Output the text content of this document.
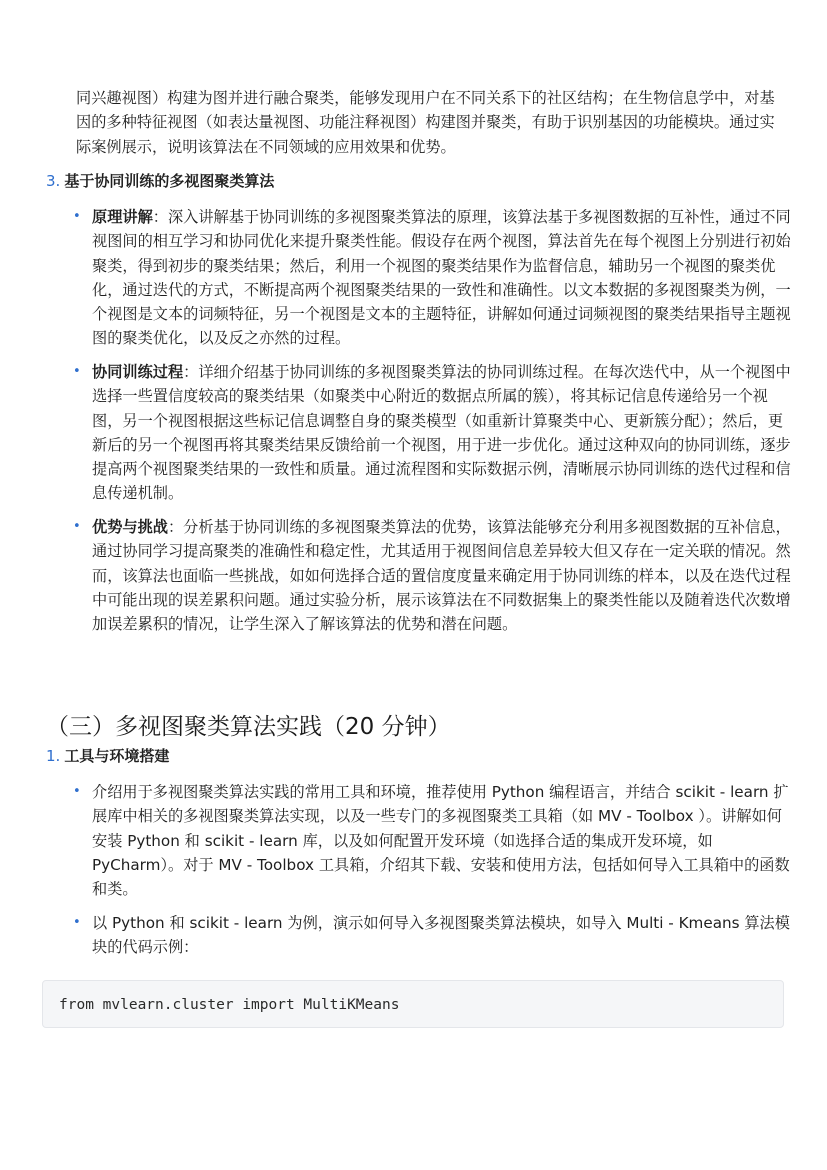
同兴趣视图）构建为图并进行融合聚类，能够发现用户在不同关系下的社区结构；在生物信息学中，对基因的多种特征视图（如表达量视图、功能注释视图）构建图并聚类，有助于识别基因的功能模块。通过实际案例展示，说明该算法在不同领域的应用效果和优势。

3. 基于协同训练的多视图聚类算法
• 原理讲解：深入讲解基于协同训练的多视图聚类算法的原理，该算法基于多视图数据的互补性，通过不同视图间的相互学习和协同优化来提升聚类性能。假设存在两个视图，算法首先在每个视图上分别进行初始聚类，得到初步的聚类结果；然后，利用一个视图的聚类结果作为监督信息，辅助另一个视图的聚类优化，通过迭代的方式，不断提高两个视图聚类结果的一致性和准确性。以文本数据的多视图聚类为例，一个视图是文本的词频特征，另一个视图是文本的主题特征，讲解如何通过词频视图的聚类结果指导主题视图的聚类优化，以及反之亦然的过程。
• 协同训练过程：详细介绍基于协同训练的多视图聚类算法的协同训练过程。在每次迭代中，从一个视图中选择一些置信度较高的聚类结果（如聚类中心附近的数据点所属的簇），将其标记信息传递给另一个视图，另一个视图根据这些标记信息调整自身的聚类模型（如重新计算聚类中心、更新簇分配）；然后，更新后的另一个视图再将其聚类结果反馈给前一个视图，用于进一步优化。通过这种双向的协同训练，逐步提高两个视图聚类结果的一致性和质量。通过流程图和实际数据示例，清晰展示协同训练的迭代过程和信息传递机制。
• 优势与挑战：分析基于协同训练的多视图聚类算法的优势，该算法能够充分利用多视图数据的互补信息，通过协同学习提高聚类的准确性和稳定性，尤其适用于视图间信息差异较大但又存在一定关联的情况。然而，该算法也面临一些挑战，如如何选择合适的置信度度量来确定用于协同训练的样本，以及在迭代过程中可能出现的误差累积问题。通过实验分析，展示该算法在不同数据集上的聚类性能以及随着迭代次数增加误差累积的情况，让学生深入了解该算法的优势和潜在问题。
（三）多视图聚类算法实践（20 分钟）
1. 工具与环境搭建
• 介绍用于多视图聚类算法实践的常用工具和环境，推荐使用 Python 编程语言，并结合 scikit - learn 扩展库中相关的多视图聚类算法实现，以及一些专门的多视图聚类工具箱（如 MV - Toolbox ）。讲解如何安装 Python 和 scikit - learn 库，以及如何配置开发环境（如选择合适的集成开发环境，如 PyCharm）。对于 MV - Toolbox 工具箱，介绍其下载、安装和使用方法，包括如何导入工具箱中的函数和类。
• 以 Python 和 scikit - learn 为例，演示如何导入多视图聚类算法模块，如导入 Multi - Kmeans 算法模块的代码示例：
from mvlearn.cluster import MultiKMeans
